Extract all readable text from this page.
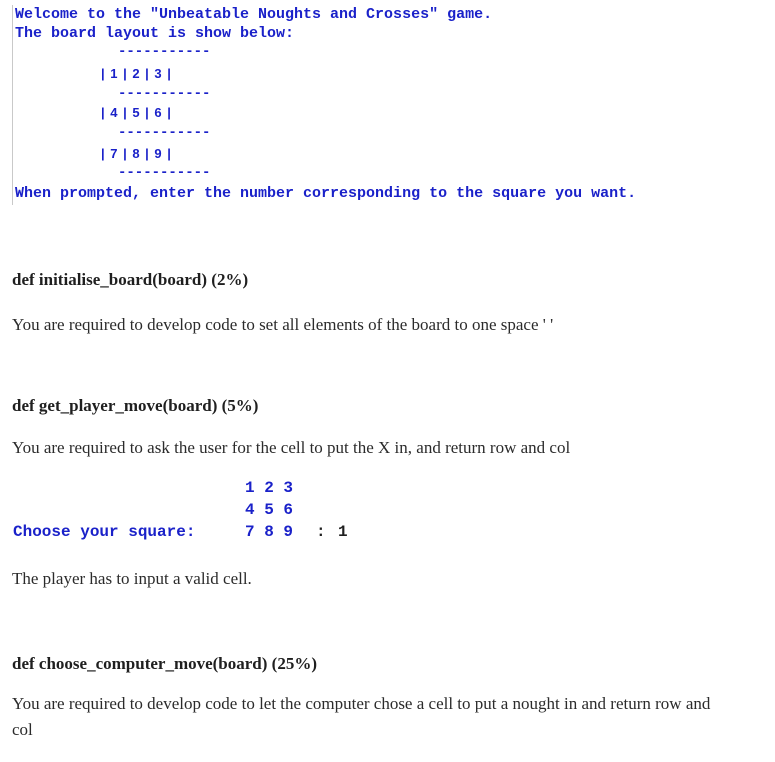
Welcome to the "Unbeatable Noughts and Crosses" game.
The board layout is show below:
-----------
| 1 | 2 | 3 |
-----------
| 4 | 5 | 6 |
-----------
| 7 | 8 | 9 |
-----------
When prompted, enter the number corresponding to the square you want.
def initialise_board(board) (2%)
You are required to develop code to set all elements of the board to one space ' '
def get_player_move(board) (5%)
You are required to ask the user for the cell to put the X in, and return row and col
1 2 3
4 5 6
Choose your square:	7 8 9 : 1
The player has to input a valid cell.
def choose_computer_move(board) (25%)
You are required to develop code to let the computer chose a cell to put a nought in and return row and col
